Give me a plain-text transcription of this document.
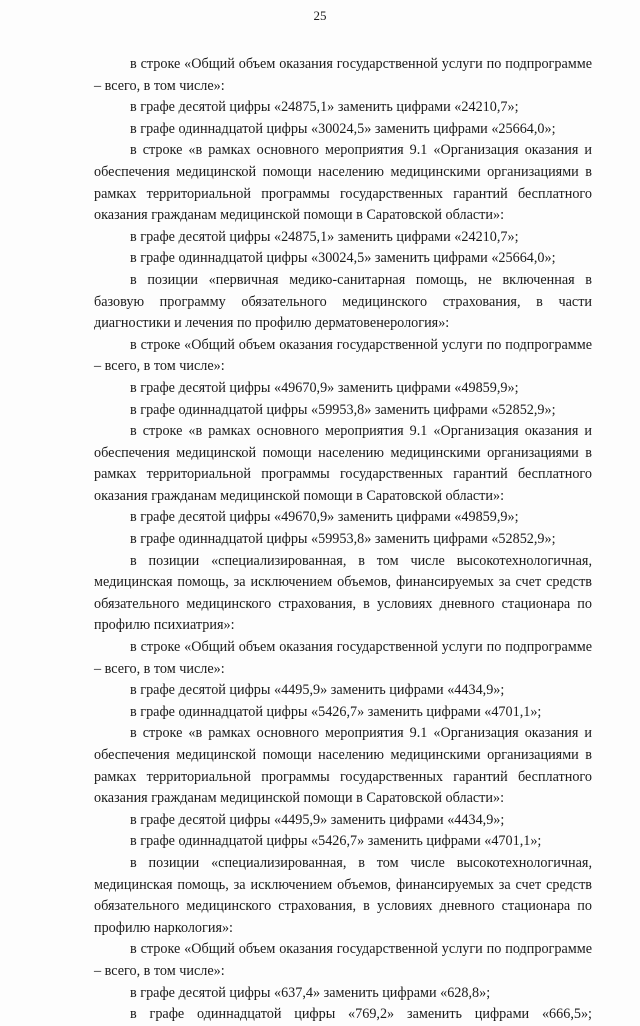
25

в строке «Общий объем оказания государственной услуги по подпрограмме – всего, в том числе»:

в графе десятой цифры «24875,1» заменить цифрами «24210,7»;

в графе одиннадцатой цифры «30024,5» заменить цифрами «25664,0»;

в строке «в рамках основного мероприятия 9.1 «Организация оказания и обеспечения медицинской помощи населению медицинскими организациями в рамках территориальной программы государственных гарантий бесплатного оказания гражданам медицинской помощи в Саратовской области»:

в графе десятой цифры «24875,1» заменить цифрами «24210,7»;

в графе одиннадцатой цифры «30024,5» заменить цифрами «25664,0»;

в позиции «первичная медико-санитарная помощь, не включенная в базовую программу обязательного медицинского страхования, в части диагностики и лечения по профилю дерматовенерология»:

в строке «Общий объем оказания государственной услуги по подпрограмме – всего, в том числе»:

в графе десятой цифры «49670,9» заменить цифрами «49859,9»;

в графе одиннадцатой цифры «59953,8» заменить цифрами «52852,9»;

в строке «в рамках основного мероприятия 9.1 «Организация оказания и обеспечения медицинской помощи населению медицинскими организациями в рамках территориальной программы государственных гарантий бесплатного оказания гражданам медицинской помощи в Саратовской области»:

в графе десятой цифры «49670,9» заменить цифрами «49859,9»;

в графе одиннадцатой цифры «59953,8» заменить цифрами «52852,9»;

в позиции «специализированная, в том числе высокотехнологичная, медицинская помощь, за исключением объемов, финансируемых за счет средств обязательного медицинского страхования, в условиях дневного стационара по профилю психиатрия»:

в строке «Общий объем оказания государственной услуги по подпрограмме – всего, в том числе»:

в графе десятой цифры «4495,9» заменить цифрами «4434,9»;

в графе одиннадцатой цифры «5426,7» заменить цифрами «4701,1»;

в строке «в рамках основного мероприятия 9.1 «Организация оказания и обеспечения медицинской помощи населению медицинскими организациями в рамках территориальной программы государственных гарантий бесплатного оказания гражданам медицинской помощи в Саратовской области»:

в графе десятой цифры «4495,9» заменить цифрами «4434,9»;

в графе одиннадцатой цифры «5426,7» заменить цифрами «4701,1»;

в позиции «специализированная, в том числе высокотехнологичная, медицинская помощь, за исключением объемов, финансируемых за счет средств обязательного медицинского страхования, в условиях дневного стационара по профилю наркология»:

в строке «Общий объем оказания государственной услуги по подпрограмме – всего, в том числе»:

в графе десятой цифры «637,4» заменить цифрами «628,8»;

в графе одиннадцатой цифры «769,2» заменить цифрами «666,5»;
